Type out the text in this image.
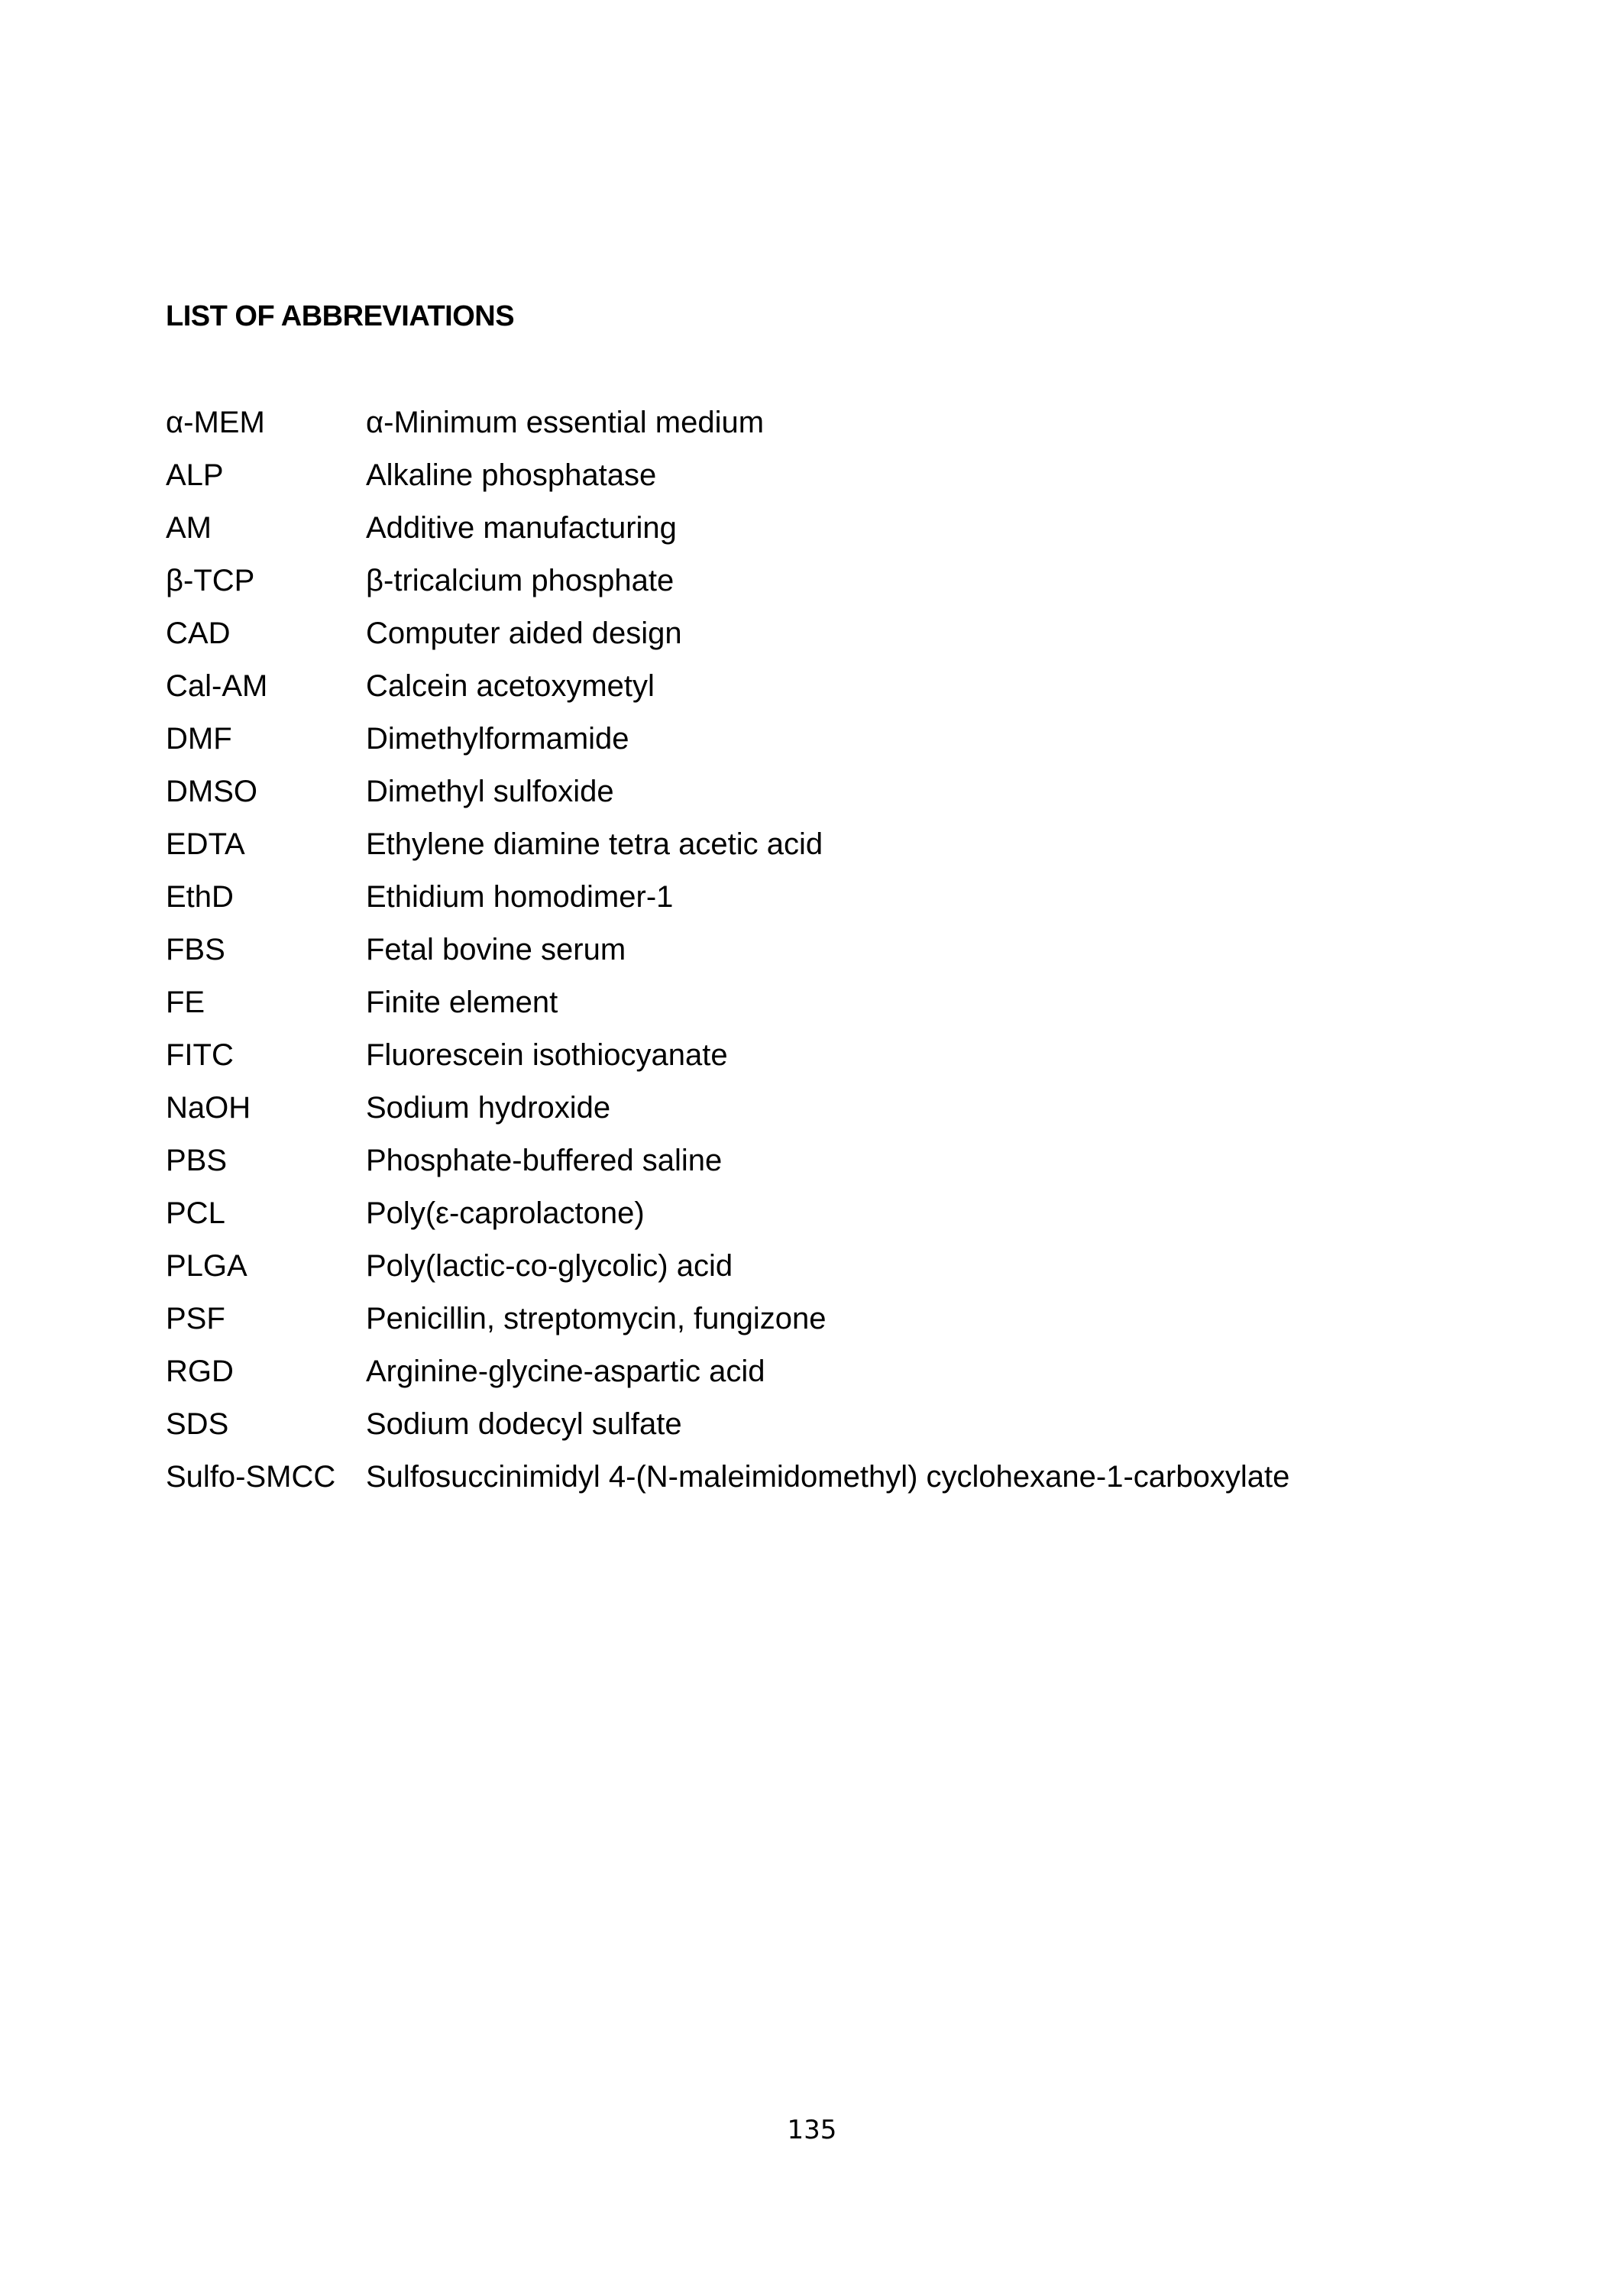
LIST OF ABBREVIATIONS
α-MEM	α-Minimum essential medium
ALP	Alkaline phosphatase
AM	Additive manufacturing
β-TCP	β-tricalcium phosphate
CAD	Computer aided design
Cal-AM	Calcein acetoxymetyl
DMF	Dimethylformamide
DMSO	Dimethyl sulfoxide
EDTA	Ethylene diamine tetra acetic acid
EthD	Ethidium homodimer-1
FBS	Fetal bovine serum
FE	Finite element
FITC	Fluorescein isothiocyanate
NaOH	Sodium hydroxide
PBS	Phosphate-buffered saline
PCL	Poly(ε-caprolactone)
PLGA	Poly(lactic-co-glycolic) acid
PSF	Penicillin, streptomycin, fungizone
RGD	Arginine-glycine-aspartic acid
SDS	Sodium dodecyl sulfate
Sulfo-SMCC Sulfosuccinimidyl 4-(N-maleimidomethyl) cyclohexane-1-carboxylate
135
